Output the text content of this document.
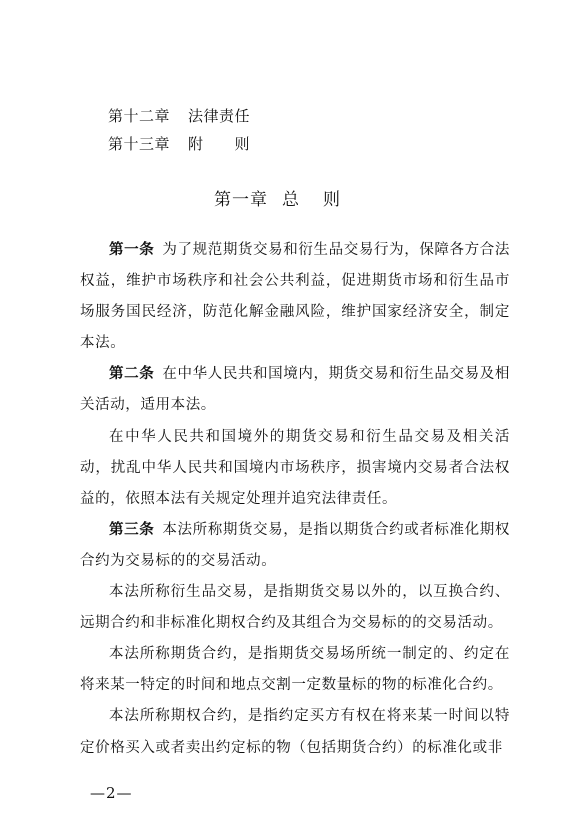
第十二章 法律责任
第十三章 附　　则
第一章 总则

第一条 为了规范期货交易和衍生品交易行为，保障各方合法权益，维护市场秩序和社会公共利益，促进期货市场和衍生品市场服务国民经济，防范化解金融风险，维护国家经济安全，制定本法。

第二条 在中华人民共和国境内，期货交易和衍生品交易及相关活动，适用本法。

在中华人民共和国境外的期货交易和衍生品交易及相关活动，扰乱中华人民共和国境内市场秩序，损害境内交易者合法权益的，依照本法有关规定处理并追究法律责任。

第三条 本法所称期货交易，是指以期货合约或者标准化期权合约为交易标的的交易活动。

本法所称衍生品交易，是指期货交易以外的，以互换合约、远期合约和非标准化期权合约及其组合为交易标的的交易活动。

本法所称期货合约，是指期货交易场所统一制定的、约定在将来某一特定的时间和地点交割一定数量标的物的标准化合约。

本法所称期权合约，是指约定买方有权在将来某一时间以特定价格买入或者卖出约定标的物（包括期货合约）的标准化或非

—2—
